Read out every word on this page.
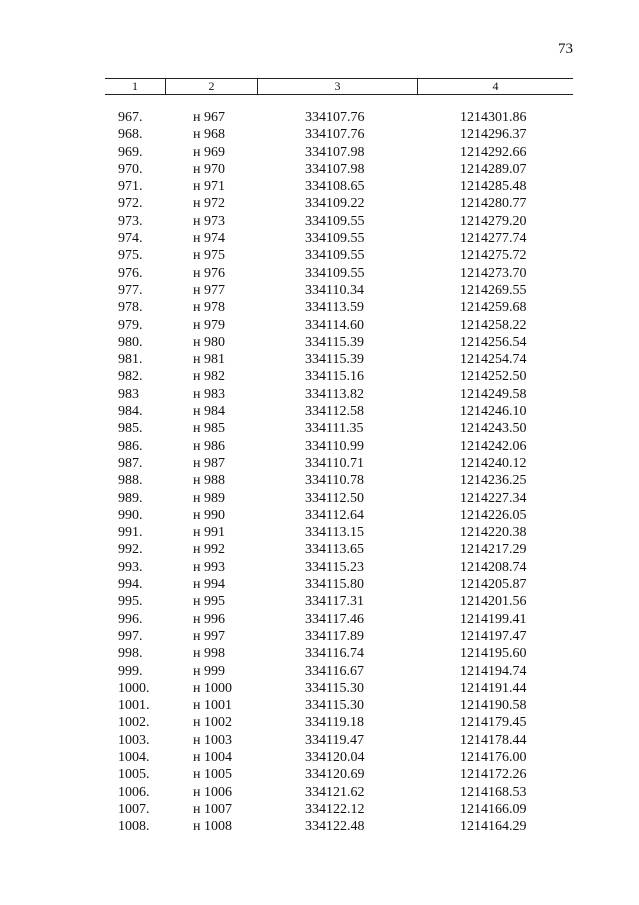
73
1	2	3	4
967.	н 967	334107.76	1214301.86
968.	н 968	334107.76	1214296.37
969.	н 969	334107.98	1214292.66
970.	н 970	334107.98	1214289.07
971.	н 971	334108.65	1214285.48
972.	н 972	334109.22	1214280.77
973.	н 973	334109.55	1214279.20
974.	н 974	334109.55	1214277.74
975.	н 975	334109.55	1214275.72
976.	н 976	334109.55	1214273.70
977.	н 977	334110.34	1214269.55
978.	н 978	334113.59	1214259.68
979.	н 979	334114.60	1214258.22
980.	н 980	334115.39	1214256.54
981.	н 981	334115.39	1214254.74
982.	н 982	334115.16	1214252.50
983	н 983	334113.82	1214249.58
984.	н 984	334112.58	1214246.10
985.	н 985	334111.35	1214243.50
986.	н 986	334110.99	1214242.06
987.	н 987	334110.71	1214240.12
988.	н 988	334110.78	1214236.25
989.	н 989	334112.50	1214227.34
990.	н 990	334112.64	1214226.05
991.	н 991	334113.15	1214220.38
992.	н 992	334113.65	1214217.29
993.	н 993	334115.23	1214208.74
994.	н 994	334115.80	1214205.87
995.	н 995	334117.31	1214201.56
996.	н 996	334117.46	1214199.41
997.	н 997	334117.89	1214197.47
998.	н 998	334116.74	1214195.60
999.	н 999	334116.67	1214194.74
1000.	н 1000	334115.30	1214191.44
1001.	н 1001	334115.30	1214190.58
1002.	н 1002	334119.18	1214179.45
1003.	н 1003	334119.47	1214178.44
1004.	н 1004	334120.04	1214176.00
1005.	н 1005	334120.69	1214172.26
1006.	н 1006	334121.62	1214168.53
1007.	н 1007	334122.12	1214166.09
1008.	н 1008	334122.48	1214164.29
